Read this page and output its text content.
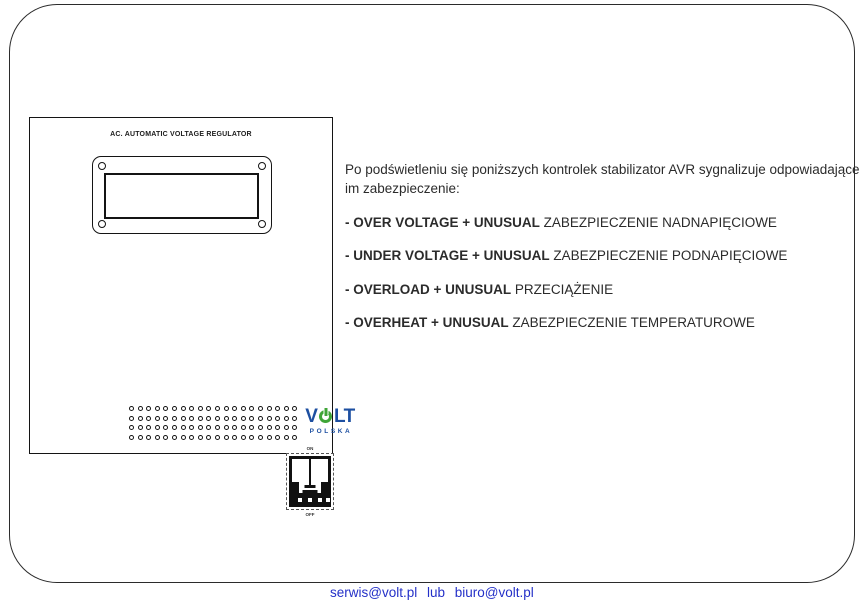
AC. AUTOMATIC VOLTAGE REGULATOR
ON
OFF
V LT
POLSKA
Po podświetleniu się poniższych kontrolek stabilizator AVR sygnalizuje odpowiadające im zabezpieczenie:
- OVER VOLTAGE + UNUSUAL ZABEZPIECZENIE NADNAPIĘCIOWE
- UNDER VOLTAGE + UNUSUAL ZABEZPIECZENIE PODNAPIĘCIOWE
- OVERLOAD + UNUSUAL PRZECIĄŻENIE
- OVERHEAT + UNUSUAL ZABEZPIECZENIE TEMPERATUROWE
serwis@volt.pl lub biuro@volt.pl
